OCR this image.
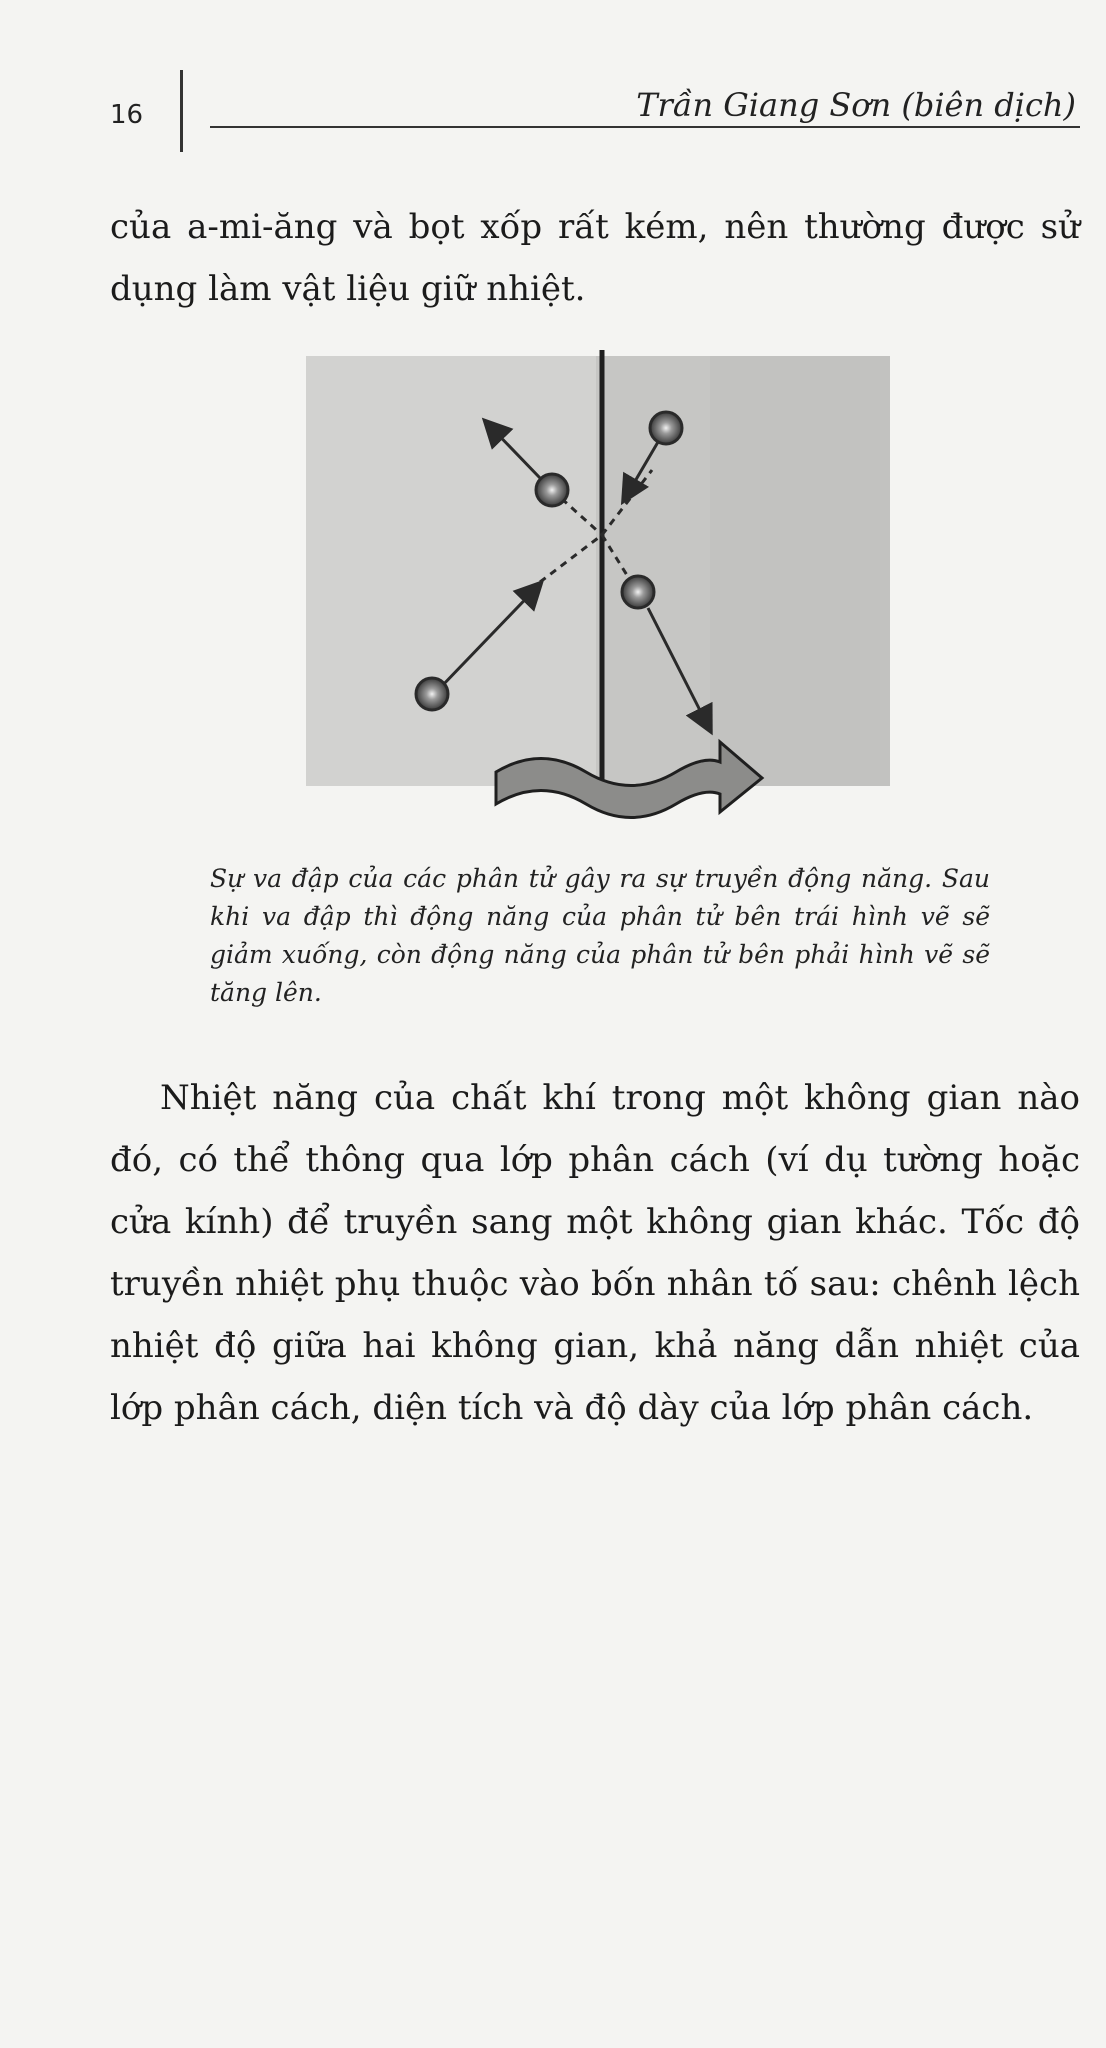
16	Trần Giang Sơn (biên dịch)

của a-mi-ăng và bọt xốp rất kém, nên thường được sử dụng làm vật liệu giữ nhiệt.

Sự va đập của các phân tử gây ra sự truyền động năng. Sau khi va đập thì động năng của phân tử bên trái hình vẽ sẽ giảm xuống, còn động năng của phân tử bên phải hình vẽ sẽ tăng lên.

Nhiệt năng của chất khí trong một không gian nào đó, có thể thông qua lớp phân cách (ví dụ tường hoặc cửa kính) để truyền sang một không gian khác. Tốc độ truyền nhiệt phụ thuộc vào bốn nhân tố sau: chênh lệch nhiệt độ giữa hai không gian, khả năng dẫn nhiệt của lớp phân cách, diện tích và độ dày của lớp phân cách.
